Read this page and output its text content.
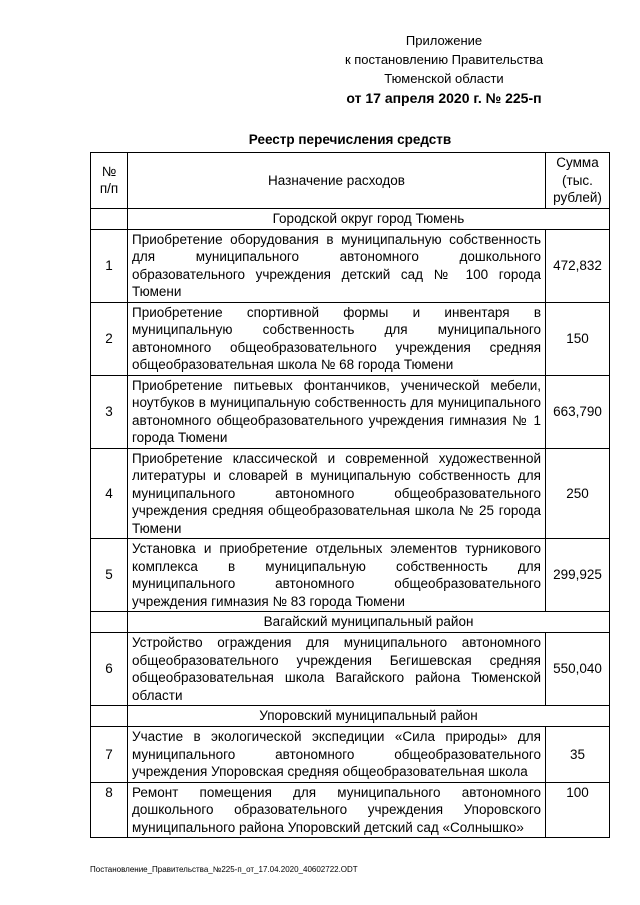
Приложение
к постановлению Правительства
Тюменской области
от 17 апреля 2020 г. № 225-п
Реестр перечисления средств
№ п/п	Назначение расходов	Сумма (тыс. рублей)
	Городской округ город Тюмень	
1	Приобретение оборудования в муниципальную собственность для муниципального автономного дошкольного образовательного учреждения детский сад № 100 города Тюмени	472,832
2	Приобретение спортивной формы и инвентаря в муниципальную собственность для муниципального автономного общеобразовательного учреждения средняя общеобразовательная школа № 68 города Тюмени	150
3	Приобретение питьевых фонтанчиков, ученической мебели, ноутбуков в муниципальную собственность для муниципального автономного общеобразовательного учреждения гимназия № 1 города Тюмени	663,790
4	Приобретение классической и современной художественной литературы и словарей в муниципальную собственность для муниципального автономного общеобразовательного учреждения средняя общеобразовательная школа № 25 города Тюмени	250
5	Установка и приобретение отдельных элементов турникового комплекса в муниципальную собственность для муниципального автономного общеобразовательного учреждения гимназия № 83 города Тюмени	299,925
	Вагайский муниципальный район	
6	Устройство ограждения для муниципального автономного общеобразовательного учреждения Бегишевская средняя общеобразовательная школа Вагайского района Тюменской области	550,040
	Упоровский муниципальный район	
7	Участие в экологической экспедиции «Сила природы» для муниципального автономного общеобразовательного учреждения Упоровская средняя общеобразовательная школа	35
8	Ремонт помещения для муниципального автономного дошкольного образовательного учреждения Упоровского муниципального района Упоровский детский сад «Солнышко»	100
Постановление_Правительства_№225-п_от_17.04.2020_40602722.ODT
